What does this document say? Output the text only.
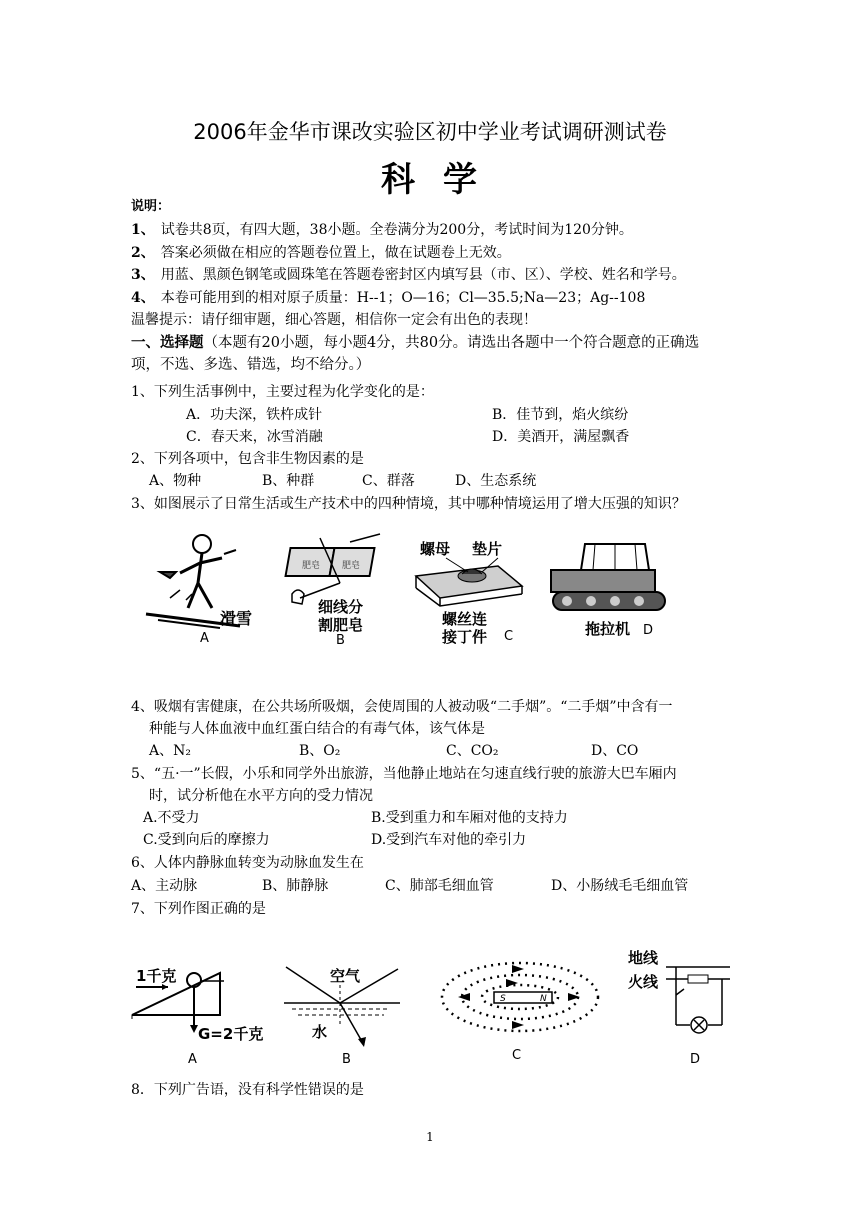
2006年金华市课改实验区初中学业考试调研测试卷
科学
说明：
1、 试卷共8页，有四大题，38小题。全卷满分为200分，考试时间为120分钟。
2、 答案必须做在相应的答题卷位置上，做在试题卷上无效。
3、 用蓝、黑颜色钢笔或圆珠笔在答题卷密封区内填写县（市、区）、学校、姓名和学号。
4、 本卷可能用到的相对原子质量：H--1；O—16；Cl—35.5;Na—23；Ag--108
温馨提示：请仔细审题，细心答题，相信你一定会有出色的表现！
一、选择题（本题有20小题，每小题4分，共80分。请选出各题中一个符合题意的正确选
项，不选、多选、错选，均不给分。）
1、下列生活事例中，主要过程为化学变化的是：
A．功夫深，铁杵成针	B．佳节到，焰火缤纷
C．春天来，冰雪消融	D．美酒开，满屋飘香
2、下列各项中，包含非生物因素的是
A、物种	B、种群	C、群落	D、生态系统
3、如图展示了日常生活或生产技术中的四种情境，其中哪种情境运用了增大压强的知识？
滑雪
A
肥皂 肥皂
细线分
割肥皂
B
螺母 垫片
螺丝连
接丁件 C	拖拉机 D
4、吸烟有害健康，在公共场所吸烟，会使周围的人被动吸“二手烟”。“二手烟”中含有一
种能与人体血液中血红蛋白结合的有毒气体，该气体是
A、N₂	B、O₂	C、CO₂	D、CO
5、“五·一”长假，小乐和同学外出旅游，当他静止地站在匀速直线行驶的旅游大巴车厢内
时，试分析他在水平方向的受力情况
A.不受力	B.受到重力和车厢对他的支持力
C.受到向后的摩擦力	D.受到汽车对他的牵引力
6、人体内静脉血转变为动脉血发生在
A、主动脉	B、肺静脉	C、肺部毛细血管	D、小肠绒毛毛细血管
7、下列作图正确的是
1千克
G=2千克
A
空气
水
B
S	N
C
地线
火线
D
8．下列广告语，没有科学性错误的是
1
